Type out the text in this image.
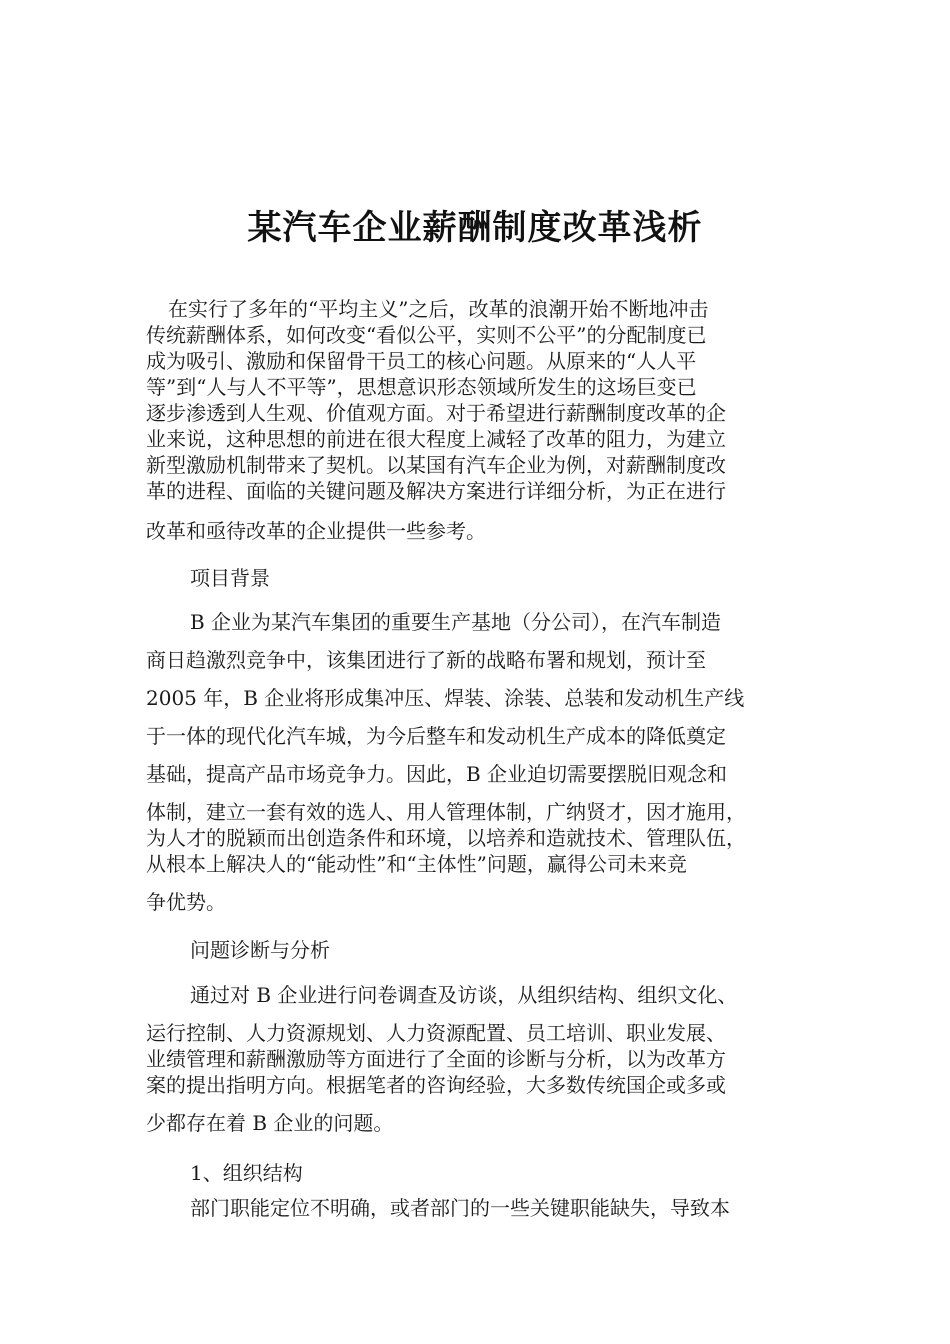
某汽车企业薪酬制度改革浅析
在实行了多年的“平均主义”之后，改革的浪潮开始不断地冲击
传统薪酬体系，如何改变“看似公平，实则不公平”的分配制度已
成为吸引、激励和保留骨干员工的核心问题。从原来的“人人平
等”到“人与人不平等”，思想意识形态领域所发生的这场巨变已
逐步渗透到人生观、价值观方面。对于希望进行薪酬制度改革的企
业来说，这种思想的前进在很大程度上减轻了改革的阻力，为建立
新型激励机制带来了契机。以某国有汽车企业为例，对薪酬制度改
革的进程、面临的关键问题及解决方案进行详细分析，为正在进行
改革和亟待改革的企业提供一些参考。
项目背景
B 企业为某汽车集团的重要生产基地（分公司），在汽车制造
商日趋激烈竞争中，该集团进行了新的战略布署和规划，预计至
2005 年，B 企业将形成集冲压、焊装、涂装、总装和发动机生产线
于一体的现代化汽车城，为今后整车和发动机生产成本的降低奠定
基础，提高产品市场竞争力。因此，B 企业迫切需要摆脱旧观念和
体制，建立一套有效的选人、用人管理体制，广纳贤才，因才施用，
为人才的脱颖而出创造条件和环境，以培养和造就技术、管理队伍，
从根本上解决人的“能动性”和“主体性”问题，赢得公司未来竞
争优势。
问题诊断与分析
通过对 B 企业进行问卷调查及访谈，从组织结构、组织文化、
运行控制、人力资源规划、人力资源配置、员工培训、职业发展、
业绩管理和薪酬激励等方面进行了全面的诊断与分析，以为改革方
案的提出指明方向。根据笔者的咨询经验，大多数传统国企或多或
少都存在着 B 企业的问题。
1、组织结构
部门职能定位不明确，或者部门的一些关键职能缺失，导致本
